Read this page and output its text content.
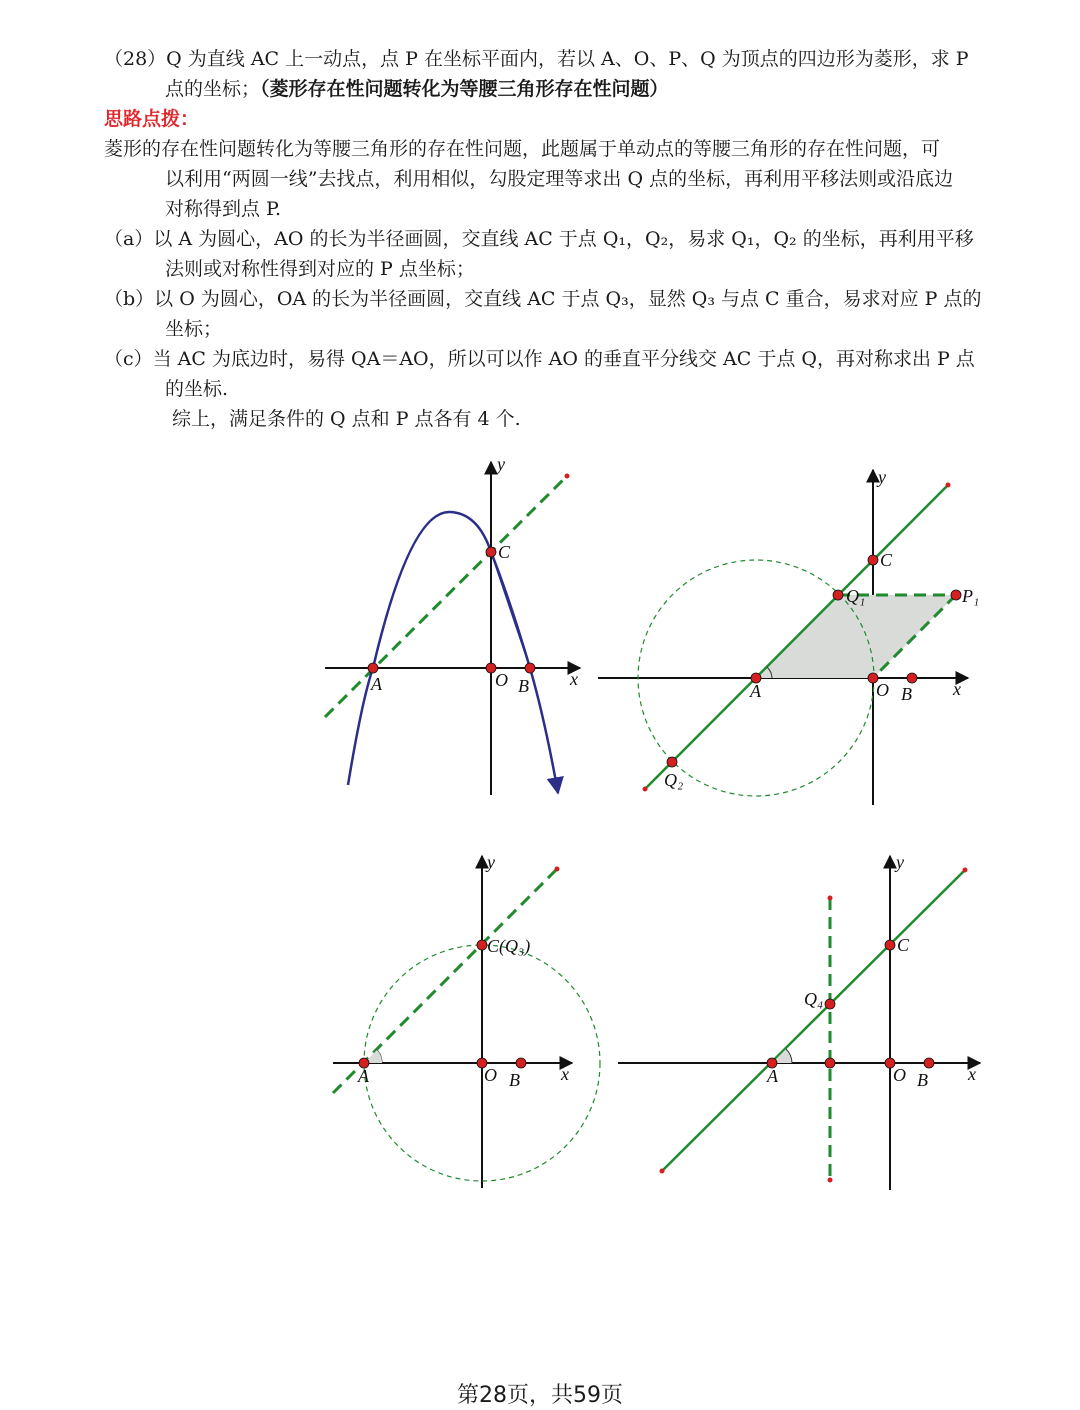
（28）Q 为直线 AC 上一动点，点 P 在坐标平面内，若以 A、O、P、Q 为顶点的四边形为菱形，求 P
点的坐标；（菱形存在性问题转化为等腰三角形存在性问题）
思路点拨：
菱形的存在性问题转化为等腰三角形的存在性问题，此题属于单动点的等腰三角形的存在性问题，可
以利用“两圆一线”去找点，利用相似，勾股定理等求出 Q 点的坐标，再利用平移法则或沿底边
对称得到点 P.
（a）以 A 为圆心，AO 的长为半径画圆，交直线 AC 于点 Q₁，Q₂，易求 Q₁，Q₂ 的坐标，再利用平移
法则或对称性得到对应的 P 点坐标；
（b）以 O 为圆心，OA 的长为半径画圆，交直线 AC 于点 Q₃，显然 Q₃ 与点 C 重合，易求对应 P 点的
坐标；
（c）当 AC 为底边时，易得 QA＝AO，所以可以作 AO 的垂直平分线交 AC 于点 Q，再对称求出 P 点
的坐标.
综上，满足条件的 Q 点和 P 点各有 4 个.
A	O B
C
x
y
A	O B
C
Q₁	P₁
Q₂
x
y
A	O B
C(Q₃)
x
y
A	O B
C
Q₄
x
y
第28页，共59页
